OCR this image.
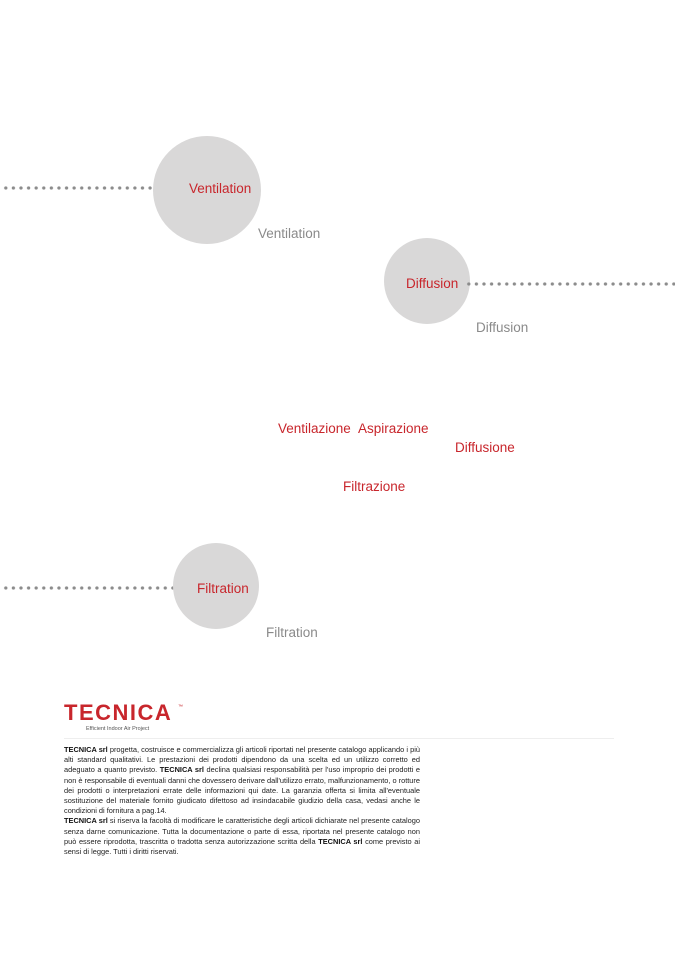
Ventilation
Ventilation
Diffusion
Diffusion
Ventilazione Aspirazione
Diffusione
Filtrazione
Filtration
Filtration
TECNICA ™
Efficient Indoor Air Project
TECNICA srl progetta, costruisce e commercializza gli articoli riportati nel presente catalogo applicando i più alti standard qualitativi. Le prestazioni dei prodotti dipendono da una scelta ed un utilizzo corretto ed adeguato a quanto previsto. TECNICA srl declina qualsiasi responsabilità per l'uso improprio dei prodotti e non è responsabile di eventuali danni che dovessero derivare dall'utilizzo errato, malfunzionamento, o rotture dei prodotti o interpretazioni errate delle informazioni qui date. La garanzia offerta si limita all'eventuale sostituzione del materiale fornito giudicato difettoso ad insindacabile giudizio della casa, vedasi anche le condizioni di fornitura a pag.14.
TECNICA srl si riserva la facoltà di modificare le caratteristiche degli articoli dichiarate nel presente catalogo senza darne comunicazione. Tutta la documentazione o parte di essa, riportata nel presente catalogo non può essere riprodotta, trascritta o tradotta senza autorizzazione scritta della TECNICA srl come previsto ai sensi di legge. Tutti i diritti riservati.
